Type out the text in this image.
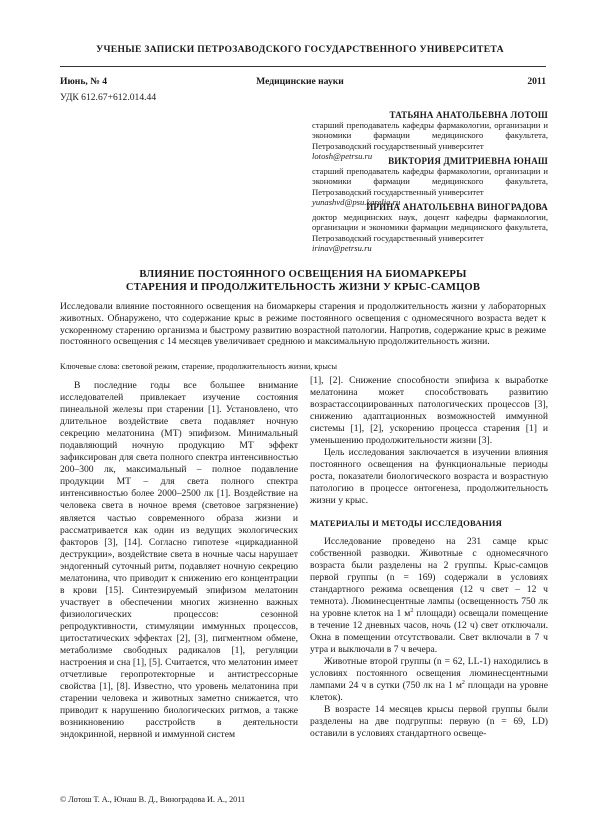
УЧЕНЫЕ ЗАПИСКИ ПЕТРОЗАВОДСКОГО ГОСУДАРСТВЕННОГО УНИВЕРСИТЕТА
Июнь, № 4	Медицинские науки	2011
УДК 612.67+612.014.44
ТАТЬЯНА АНАТОЛЬЕВНА ЛОТОШ
старший преподаватель кафедры фармакологии, организации и экономики фармации медицинского факультета, Петрозаводский государственный университет
lotosh@petrsu.ru
ВИКТОРИЯ ДМИТРИЕВНА ЮНАШ
старший преподаватель кафедры фармакологии, организации и экономики фармации медицинского факультета, Петрозаводский государственный университет
yunashvd@psu.karelia.ru
ИРИНА АНАТОЛЬЕВНА ВИНОГРАДОВА
доктор медицинских наук, доцент кафедры фармакологии, организации и экономики фармации медицинского факультета, Петрозаводский государственный университет
irinav@petrsu.ru
ВЛИЯНИЕ ПОСТОЯННОГО ОСВЕЩЕНИЯ НА БИОМАРКЕРЫ
СТАРЕНИЯ И ПРОДОЛЖИТЕЛЬНОСТЬ ЖИЗНИ У КРЫС-САМЦОВ
Исследовали влияние постоянного освещения на биомаркеры старения и продолжительность жизни у лабораторных животных. Обнаружено, что содержание крыс в режиме постоянного освещения с одномесячного возраста ведет к ускоренному старению организма и быстрому развитию возрастной патологии. Напротив, содержание крыс в режиме постоянного освещения с 14 месяцев увеличивает среднюю и максимальную продолжительность жизни.
Ключевые слова: световой режим, старение, продолжительность жизни, крысы

В последние годы все большее внимание исследователей привлекает изучение состояния пинеальной железы при старении [1]. Установлено, что длительное воздействие света подавляет ночную секрецию мелатонина (МТ) эпифизом. Минимальный подавляющий ночную продукцию МТ эффект зафиксирован для света полного спектра интенсивностью 200–300 лк, максимальный – полное подавление продукции МТ – для света полного спектра интенсивностью более 2000–2500 лк [1]. Воздействие на человека света в ночное время (световое загрязнение) является частью современного образа жизни и рассматривается как один из ведущих экологических факторов [3], [14]. Согласно гипотезе «циркадианной деструкции», воздействие света в ночные часы нарушает эндогенный суточный ритм, подавляет ночную секрецию мелатонина, что приводит к снижению его концентрации в крови [15]. Синтезируемый эпифизом мелатонин участвует в обеспечении многих жизненно важных физиологических процессов: сезонной репродуктивности, стимуляции иммунных процессов, цитостатических эффектах [2], [3], пигментном обмене, метаболизме свободных радикалов [1], регуляции настроения и сна [1], [5]. Считается, что мелатонин имеет отчетливые геропротекторные и антистрессорные свойства [1], [8]. Известно, что уровень мелатонина при старении человека и животных заметно снижается, что приводит к нарушению биологических ритмов, а также возникновению расстройств в деятельности эндокринной, нервной и иммунной систем

[1], [2]. Снижение способности эпифиза к выработке мелатонина может способствовать развитию возрастассоциированных патологических процессов [3], снижению адаптационных возможностей иммунной системы [1], [2], ускорению процесса старения [1] и уменьшению продолжительности жизни [3].

Цель исследования заключается в изучении влияния постоянного освещения на функциональные периоды роста, показатели биологического возраста и возрастную патологию в процессе онтогенеза, продолжительность жизни у крыс.

МАТЕРИАЛЫ И МЕТОДЫ ИССЛЕДОВАНИЯ

Исследование проведено на 231 самце крыс собственной разводки. Животные с одномесячного возраста были разделены на 2 группы. Крыс-самцов первой группы (n = 169) содержали в условиях стандартного режима освещения (12 ч свет – 12 ч темнота). Люминесцентные лампы (освещенность 750 лк на уровне клеток на 1 $м^2$ площади) освещали помещение в течение 12 дневных часов, ночь (12 ч) свет отключали. Окна в помещении отсутствовали. Свет включали в 7 ч утра и выключали в 7 ч вечера.

Животные второй группы (n = 62, LL-1) находились в условиях постоянного освещения люминесцентными лампами 24 ч в сутки (750 лк на 1 $м^2$ площади на уровне клеток).

В возрасте 14 месяцев крысы первой группы были разделены на две подгруппы: первую (n = 69, LD) оставили в условиях стандартного освеще-

© Лотош Т. А., Юнаш В. Д., Виноградова И. А., 2011
